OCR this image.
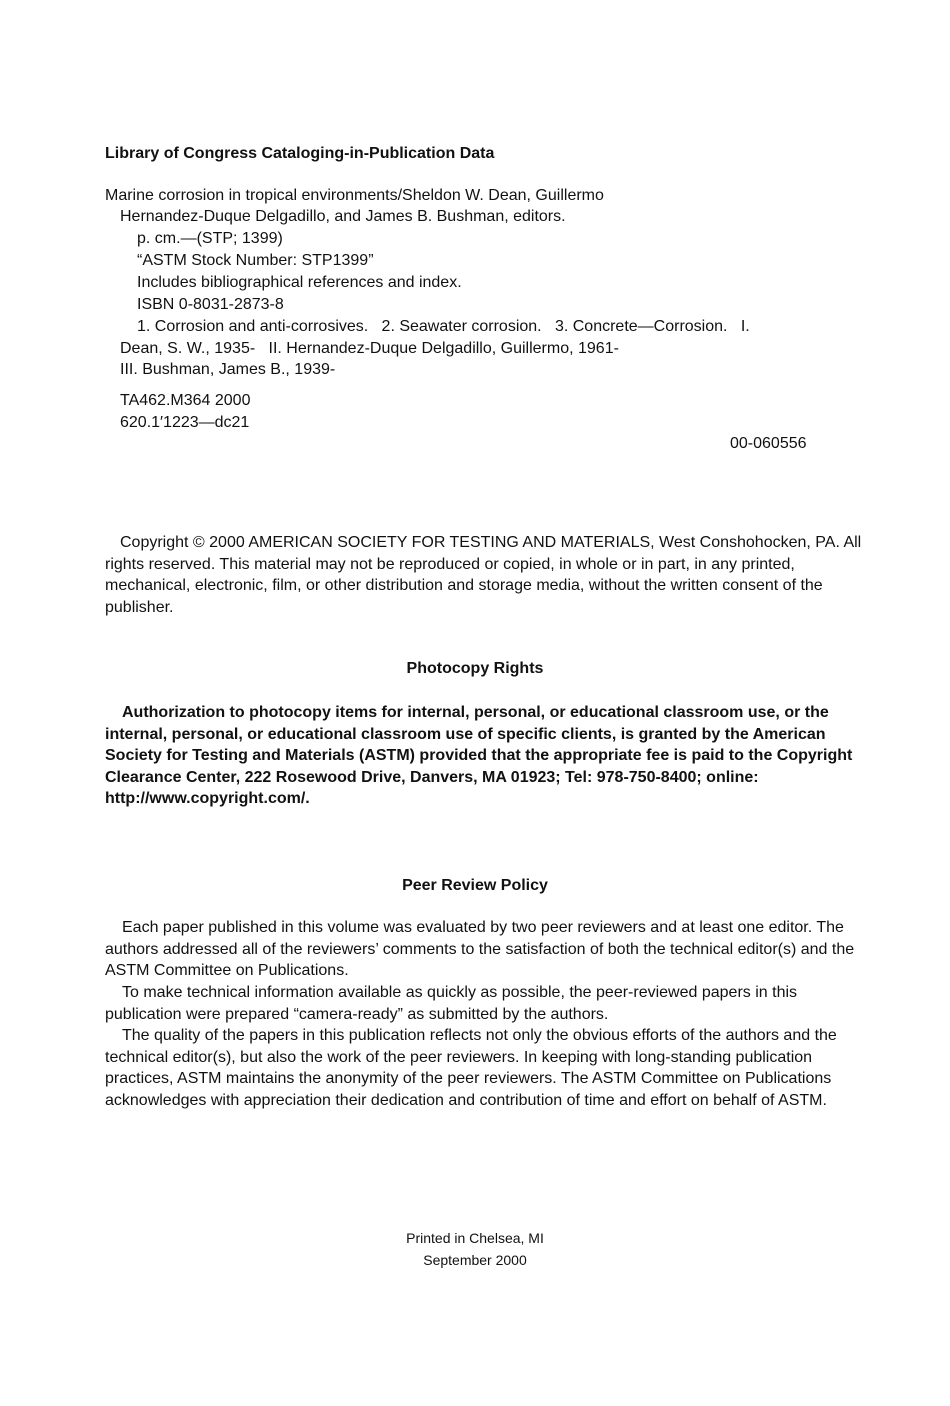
Library of Congress Cataloging-in-Publication Data

Marine corrosion in tropical environments/Sheldon W. Dean, Guillermo

Hernandez-Duque Delgadillo, and James B. Bushman, editors.

p. cm.—(STP; 1399)

“ASTM Stock Number: STP1399”

Includes bibliographical references and index.

ISBN 0-8031-2873-8

1. Corrosion and anti-corrosives.   2. Seawater corrosion.   3. Concrete—Corrosion.   I.

Dean, S. W., 1935-   II. Hernandez-Duque Delgadillo, Guillermo, 1961-

III. Bushman, James B., 1939-

TA462.M364 2000

620.1′1223—dc21

00-060556

Copyright © 2000 AMERICAN SOCIETY FOR TESTING AND MATERIALS, West Conshohocken, PA. All rights reserved. This material may not be reproduced or copied, in whole or in part, in any printed, mechanical, electronic, film, or other distribution and storage media, without the written consent of the publisher.

Photocopy Rights

Authorization to photocopy items for internal, personal, or educational classroom use, or the internal, personal, or educational classroom use of specific clients, is granted by the American Society for Testing and Materials (ASTM) provided that the appropriate fee is paid to the Copyright Clearance Center, 222 Rosewood Drive, Danvers, MA 01923; Tel: 978-750-8400; online: http://www.copyright.com/.

Peer Review Policy

Each paper published in this volume was evaluated by two peer reviewers and at least one editor. The authors addressed all of the reviewers’ comments to the satisfaction of both the technical editor(s) and the ASTM Committee on Publications.

To make technical information available as quickly as possible, the peer-reviewed papers in this publication were prepared “camera-ready” as submitted by the authors.

The quality of the papers in this publication reflects not only the obvious efforts of the authors and the technical editor(s), but also the work of the peer reviewers. In keeping with long-standing publication practices, ASTM maintains the anonymity of the peer reviewers. The ASTM Committee on Publications acknowledges with appreciation their dedication and contribution of time and effort on behalf of ASTM.

Printed in Chelsea, MI

September 2000
